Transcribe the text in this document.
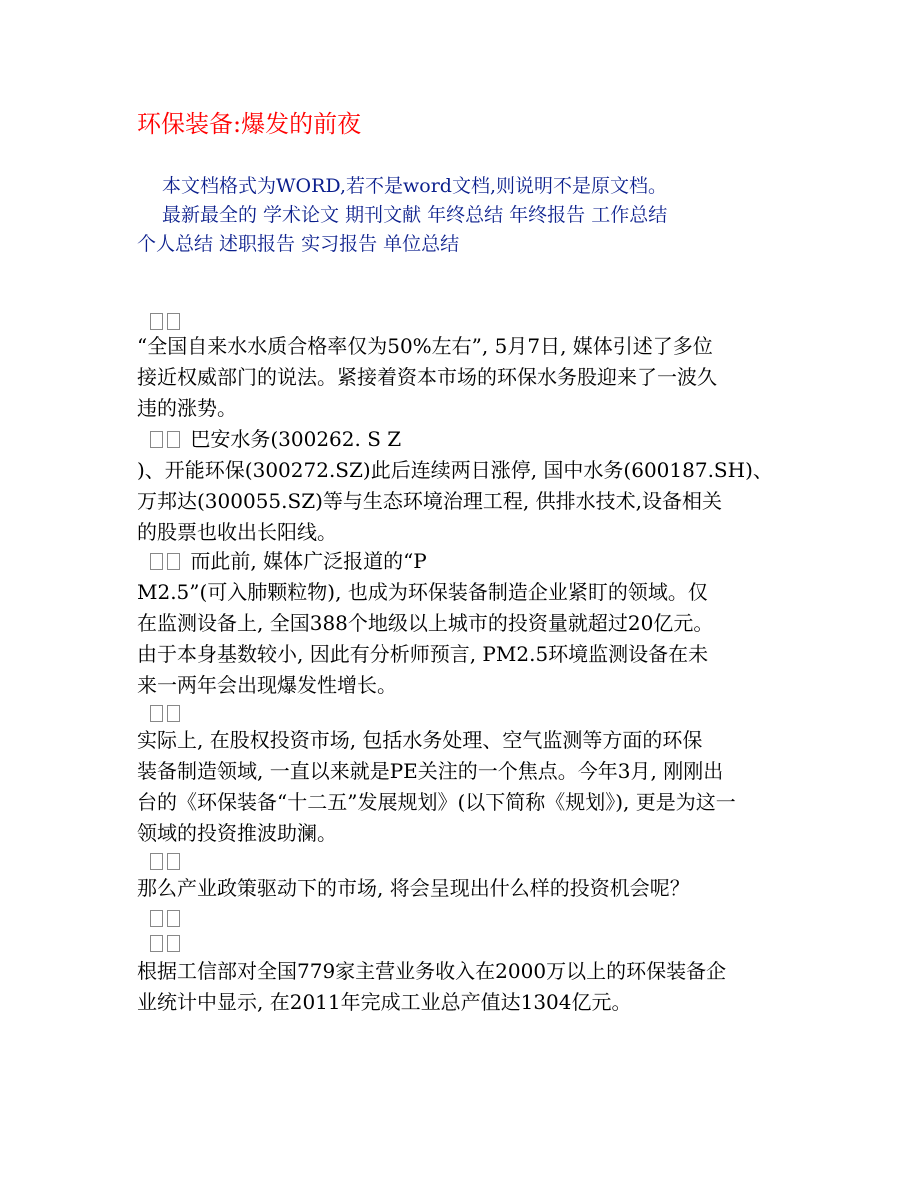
环保装备:爆发的前夜
本文档格式为WORD,若不是word文档,则说明不是原文档。
最新最全的 学术论文 期刊文献 年终总结 年终报告 工作总结
个人总结 述职报告 实习报告 单位总结
“全国自来水水质合格率仅为50%左右”, 5月7日, 媒体引述了多位
接近权威部门的说法。紧接着资本市场的环保水务股迎来了一波久
违的涨势。
巴安水务(300262. S Z
)、开能环保(300272.SZ)此后连续两日涨停, 国中水务(600187.SH)、
万邦达(300055.SZ)等与生态环境治理工程, 供排水技术,设备相关
的股票也收出长阳线。
而此前, 媒体广泛报道的“P
M2.5”(可入肺颗粒物), 也成为环保装备制造企业紧盯的领域。仅
在监测设备上, 全国388个地级以上城市的投资量就超过20亿元。
由于本身基数较小, 因此有分析师预言, PM2.5环境监测设备在未
来一两年会出现爆发性增长。
实际上, 在股权投资市场, 包括水务处理、空气监测等方面的环保
装备制造领域, 一直以来就是PE关注的一个焦点。今年3月, 刚刚出
台的《环保装备“十二五”发展规划》(以下简称《规划》), 更是为这一
领域的投资推波助澜。
那么产业政策驱动下的市场, 将会呈现出什么样的投资机会呢？
根据工信部对全国779家主营业务收入在2000万以上的环保装备企
业统计中显示, 在2011年完成工业总产值达1304亿元。
